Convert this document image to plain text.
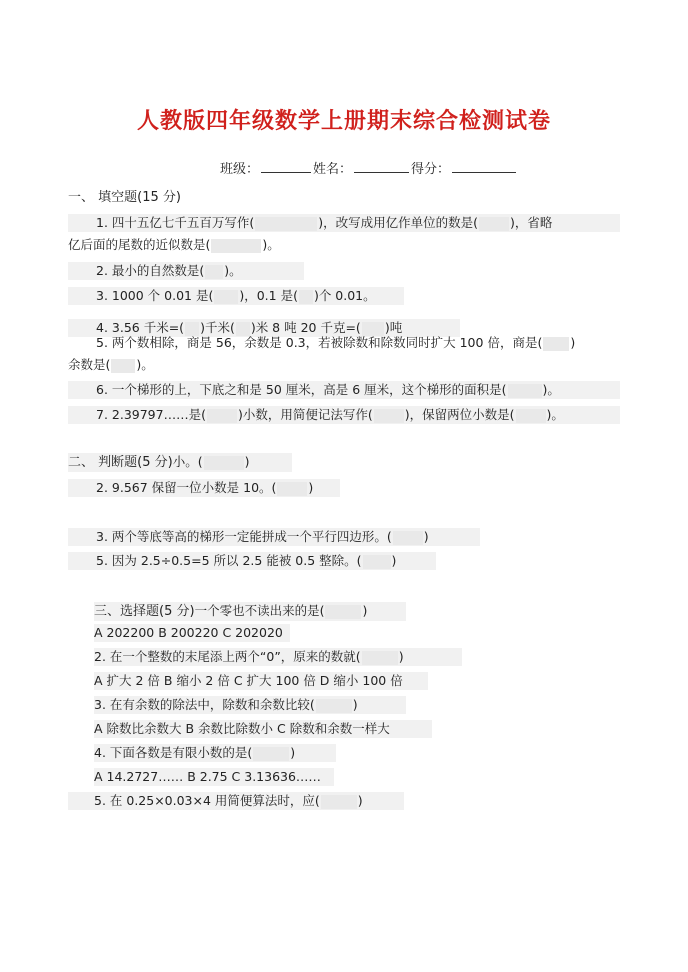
人教版四年级数学上册期末综合检测试卷
班级：	姓名：	得分：
一、 填空题(15 分)
1. 四十五亿七千五百万写作(	)，改写成用亿作单位的数是(	)，省略
亿后面的尾数的近似数是(	)。
2. 最小的自然数是( )。
3. 1000 个 0.01 是( )，0.1 是( )个 0.01。
4. 3.56 千米=( )千米( )米 8 吨 20 千克=( )吨
5. 两个数相除，商是 56，余数是 0.3，若被除数和除数同时扩大 100 倍，商是( )
余数是( )。
6. 一个梯形的上，下底之和是 50 厘米，高是 6 厘米，这个梯形的面积是(	)。
7. 2.39797……是(	)小数，用简便记法写作(	)，保留两位小数是(	)。
二、 判断题(5 分)小。(	)
2. 9.567 保留一位小数是 10。(	)
3. 两个等底等高的梯形一定能拼成一个平行四边形。(	)
5. 因为 2.5÷0.5=5 所以 2.5 能被 0.5 整除。( )
三、选择题(5 分)一个零也不读出来的是(	)
A 202200 B 200220 C 202020
2. 在一个整数的末尾添上两个“0”，原来的数就(	)
A 扩大 2 倍 B 缩小 2 倍 C 扩大 100 倍 D 缩小 100 倍
3. 在有余数的除法中，除数和余数比较(	)
A 除数比余数大 B 余数比除数小 C 除数和余数一样大
4. 下面各数是有限小数的是(	)
A 14.2727…… B 2.75 C 3.13636……
5. 在 0.25×0.03×4 用简便算法时，应(	)
